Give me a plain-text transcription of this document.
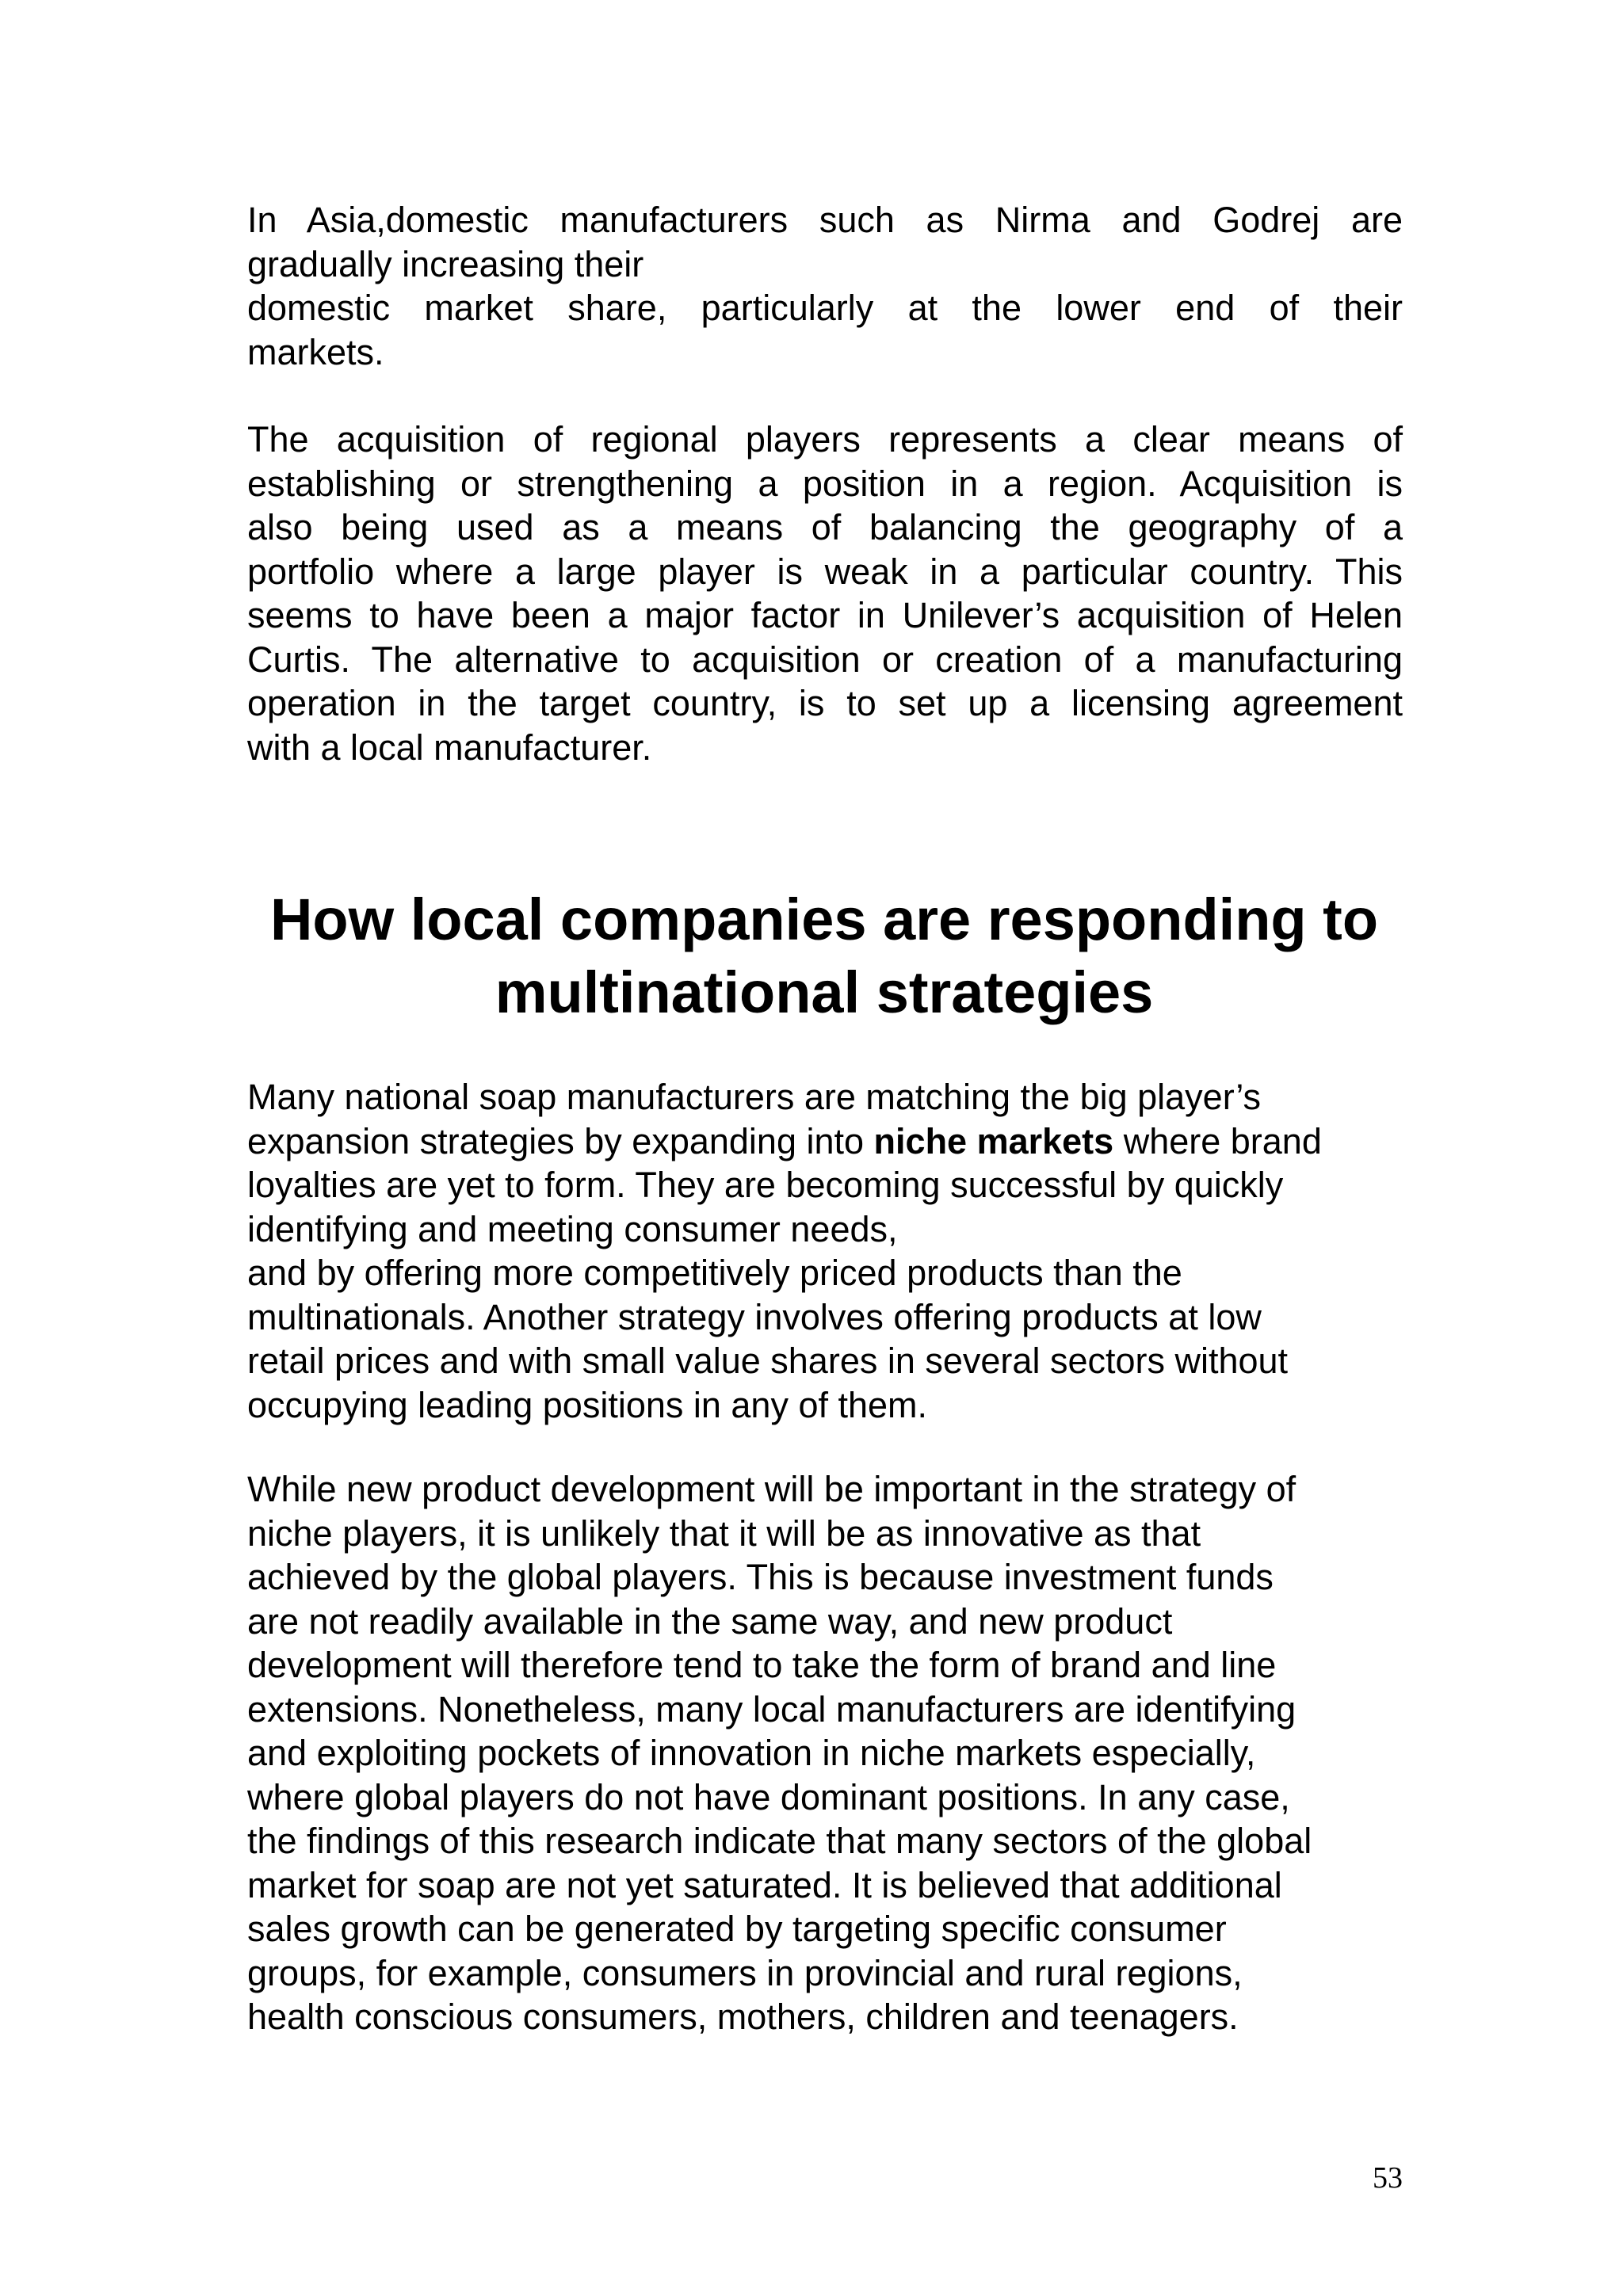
In Asia,domestic manufacturers such as Nirma and Godrej are
gradually increasing their
domestic market share, particularly at the lower end of their
markets.
The acquisition of regional players represents a clear means of
establishing or strengthening a position in a region. Acquisition is
also being used as a means of balancing the geography of a
portfolio where a large player is weak in a particular country. This
seems to have been a major factor in Unilever’s acquisition of Helen
Curtis. The alternative to acquisition or creation of a manufacturing
operation in the target country, is to set up a licensing agreement
with a local manufacturer.
How local companies are responding to
multinational strategies
Many national soap manufacturers are matching the big player’s
expansion strategies by expanding into niche markets where brand
loyalties are yet to form. They are becoming successful by quickly
identifying and meeting consumer needs,
and by offering more competitively priced products than the
multinationals. Another strategy involves offering products at low
retail prices and with small value shares in several sectors without
occupying leading positions in any of them.
While new product development will be important in the strategy of
niche players, it is unlikely that it will be as innovative as that
achieved by the global players. This is because investment funds
are not readily available in the same way, and new product
development will therefore tend to take the form of brand and line
extensions. Nonetheless, many local manufacturers are identifying
and exploiting pockets of innovation in niche markets especially,
where global players do not have dominant positions. In any case,
the findings of this research indicate that many sectors of the global
market for soap are not yet saturated. It is believed that additional
sales growth can be generated by targeting specific consumer
groups, for example, consumers in provincial and rural regions,
health conscious consumers, mothers, children and teenagers.
53
